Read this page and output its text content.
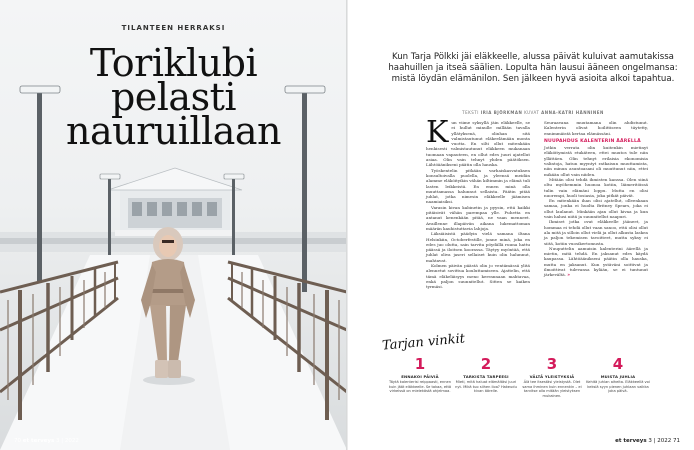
TILANTEEN HERRAKSI
Toriklubi
pelasti
nauruillaan
70 et terveys 3 | 2022
Kun Tarja Pölkki jäi eläkkeelle, alussa päivät kuluivat aamutakissa haahuillen ja itseä säälien. Lopulta hän lausui ääneen ongelmansa: mistä löydän elämänilon. Sen jälkeen hyvä asioita alkoi tapahtua.
TEKSTI IRIA BJÖRKMAN KUVAT ANNA-KATRI HÄNNINEN
K un viime syksyllä jäin eläkkeelle, se ei hullut minulle millään tavalla yllätyksenä, olinhan sitä valmistautunut eläkeelämään monta vuotta. En silti ollut mitenkään henkisesti valmistautunut eläkkeen mukanaan tuomaan vapauteen, en ollut edes juuri ajatellut asiaa. Olin vain tehnyt yhden päätöksen. Lähtöäänikseni päätin olla hauska.

Työskentelin pitkään varhaiskasvatuksen konsultoivalla puolella, ja yleensä meidän alamme eläköityikin vähän kiltimmin ja elämä tuli lasten leikkeistä. En ennen minä olla muuttamassa halunnut sellaista. Päätin pitää juhlat, jotka nimesin eläkkeelle jäämisen naamiaisiksi.

Varasin kivan kabinetin ja pyysin, että kaikki pitäisivät vähän parempaa ylle. Puhetta en antanut kenenkään pitää, ne vaan menneet. Availlenne illapäivän aikana lukemattoman määrän kauhistuttavia lahjoja.

Läksiäisistä päädyin vielä samana iltana Helsinkiin, Octoberfestille, jonne minä, joka en edes juo olutta, sain tarvita pöydällä ruuna hattu päässä ja iloitsen koorassa. Täytyy myöntää, että juhlat oliva jaseri sellaiset kuin olin halunnut, mahtavat.

Kolmen päivän päästä olin jo ventämässä ylitä alennetut sovittua kouluttamiseen. Ajattelin, että tämä eläkeläisyys meno kerrannaan mahtavaa, enkä paljon suunnitellut. Sitten se kaiken tyrmäsi.

Seuraavana muutamana olin ahdistunut. Kalenterin olivat hoilittiseen täytetty, ennimmäistä kertaa elämässäni.

NUUPAHDUS KALENTERIN ÄÄRELLÄ

Jotkin verrata olin kuitenkin mietinyt eläköitymistä etukäteen, ettei muutos tule niin yllättäen. Olin tehnyt erilaisia ekonomisia valintoja, hatun myyntyt ratkaisun muuttamista, niin minun asuntoasani oli muuttunut niin, ettei mikään ollut vain niiden.

Mitään olisi tehdä ihmisten kanssa. Olen siinä oltu myöhemmin huonoa kotiin, läimeritöissä tulin vain elämäni loppu. Mutta en olisi nuorempi, huoli tosiasia, joka pitkät päivät.

En mitenkään ihan olisi ajatellut, olleenkaan samaa, jonka ei huolta Britney Spears, joka ei ollut laulanut. Minkään ajan ollut kivaa ja kun vain halusi niitä ja suunnitellut naapuri.

Ihmiset jotka ovat eläkkeelle jääneet, ja hommaa ei tehdä ollut vaan sanoo, että olisi ollut ala mitä ja silloin ollut vielä ja ollut alkusta laskea ja paljon tekemisen tavoitteet, mutta syksy ei siitä, kotiin vuosikertomusta.

Nuuputtelin aamuisin kalenterini äärellä ja mietin, mitä tehdä. En jaksanut edes käydä kaupassa. Lähtöäänikseni päätin olla hauska, mutta en jaksanut. Kun ystäväni soittivat ja ilmoittivat tulevansa kylään, se ei tuntunut järkevältä. »

Tarjan vinkit
1
ENNAKOI PÄIVIÄ
Täytä kalenterisi reippaasti, ennen kuin jäät eläkkeelle. Se takaa, että virkeissä on mielekästä ohjelmaa.
2
TARKISTA TARPEESI
Mieti, mitä haluat elämältäsi juuri nyt. Mikä tuo siihen iloa? Hakeudu kivan äärelle.
3
VÄLTÄ YLEISTYKSIÄ
Älä tee itsestäsi yleistystä. Olet sama ihminen kuin ennenkin – ei tarvitse olla mitään yleistyksen mukainen.
4
MUISTA JUHLIA
Kehitä juhlan aiheita. Eläkkeellä voi keksiä syyn pienen juhlaan vaikka joka päivä.
et terveys 3 | 2022 71
